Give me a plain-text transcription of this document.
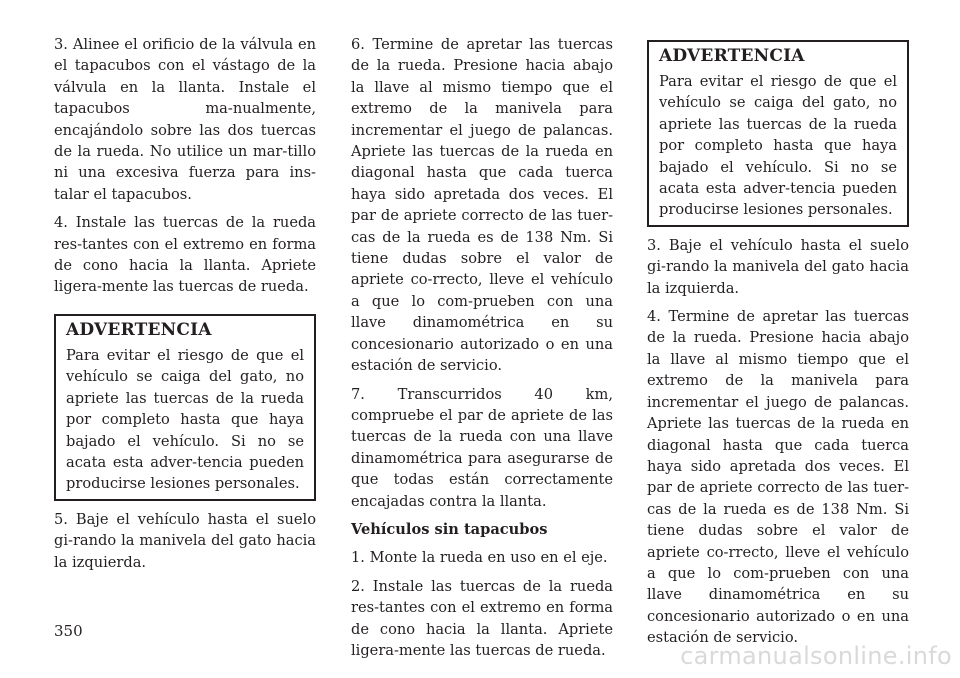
3. Alinee el orificio de la válvula en el tapacubos con el vástago de la válvula en la llanta. Instale el tapacubos ma-nualmente, encajándolo sobre las dos tuercas de la rueda. No utilice un mar-tillo ni una excesiva fuerza para ins-talar el tapacubos.

4. Instale las tuercas de la rueda res-tantes con el extremo en forma de cono hacia la llanta. Apriete ligera-mente las tuercas de rueda.

ADVERTENCIA

Para evitar el riesgo de que el vehículo se caiga del gato, no apriete las tuercas de la rueda por completo hasta que haya bajado el vehículo. Si no se acata esta adver-tencia pueden producirse lesiones personales.

5. Baje el vehículo hasta el suelo gi-rando la manivela del gato hacia la izquierda.

6. Termine de apretar las tuercas de la rueda. Presione hacia abajo la llave al mismo tiempo que el extremo de la manivela para incrementar el juego de palancas. Apriete las tuercas de la rueda en diagonal hasta que cada tuerca haya sido apretada dos veces. El par de apriete correcto de las tuer-cas de la rueda es de 138 Nm. Si tiene dudas sobre el valor de apriete co-rrecto, lleve el vehículo a que lo com-prueben con una llave dinamométrica en su concesionario autorizado o en una estación de servicio.

7. Transcurridos 40 km, compruebe el par de apriete de las tuercas de la rueda con una llave dinamométrica para asegurarse de que todas están correctamente encajadas contra la llanta.

Vehículos sin tapacubos

1. Monte la rueda en uso en el eje.

2. Instale las tuercas de la rueda res-tantes con el extremo en forma de cono hacia la llanta. Apriete ligera-mente las tuercas de rueda.

ADVERTENCIA

Para evitar el riesgo de que el vehículo se caiga del gato, no apriete las tuercas de la rueda por completo hasta que haya bajado el vehículo. Si no se acata esta adver-tencia pueden producirse lesiones personales.

3. Baje el vehículo hasta el suelo gi-rando la manivela del gato hacia la izquierda.

4. Termine de apretar las tuercas de la rueda. Presione hacia abajo la llave al mismo tiempo que el extremo de la manivela para incrementar el juego de palancas. Apriete las tuercas de la rueda en diagonal hasta que cada tuerca haya sido apretada dos veces. El par de apriete correcto de las tuer-cas de la rueda es de 138 Nm. Si tiene dudas sobre el valor de apriete co-rrecto, lleve el vehículo a que lo com-prueben con una llave dinamométrica en su concesionario autorizado o en una estación de servicio.

350
carmanualsonline.info
